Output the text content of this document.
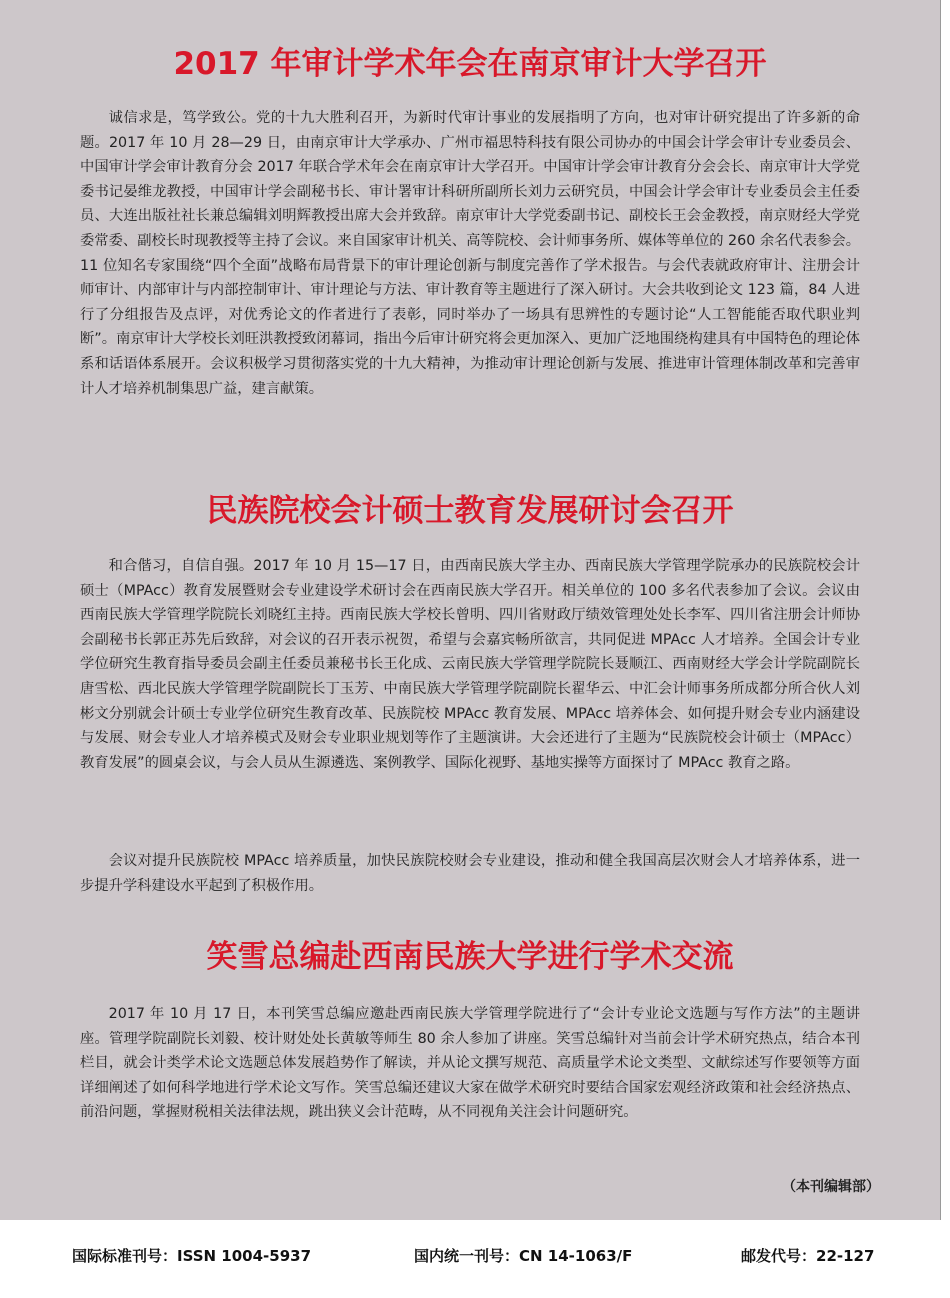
2017 年审计学术年会在南京审计大学召开

诚信求是，笃学致公。党的十九大胜利召开，为新时代审计事业的发展指明了方向，也对审计研究提出了许多新的命题。2017 年 10 月 28—29 日，由南京审计大学承办、广州市福思特科技有限公司协办的中国会计学会审计专业委员会、中国审计学会审计教育分会 2017 年联合学术年会在南京审计大学召开。中国审计学会审计教育分会会长、南京审计大学党委书记晏维龙教授，中国审计学会副秘书长、审计署审计科研所副所长刘力云研究员，中国会计学会审计专业委员会主任委员、大连出版社社长兼总编辑刘明辉教授出席大会并致辞。南京审计大学党委副书记、副校长王会金教授，南京财经大学党委常委、副校长时现教授等主持了会议。来自国家审计机关、高等院校、会计师事务所、媒体等单位的 260 余名代表参会。11 位知名专家围绕“四个全面”战略布局背景下的审计理论创新与制度完善作了学术报告。与会代表就政府审计、注册会计师审计、内部审计与内部控制审计、审计理论与方法、审计教育等主题进行了深入研讨。大会共收到论文 123 篇，84 人进行了分组报告及点评，对优秀论文的作者进行了表彰，同时举办了一场具有思辨性的专题讨论“人工智能能否取代职业判断”。南京审计大学校长刘旺洪教授致闭幕词，指出今后审计研究将会更加深入、更加广泛地围绕构建具有中国特色的理论体系和话语体系展开。会议积极学习贯彻落实党的十九大精神，为推动审计理论创新与发展、推进审计管理体制改革和完善审计人才培养机制集思广益，建言献策。

民族院校会计硕士教育发展研讨会召开

和合偕习，自信自强。2017 年 10 月 15—17 日，由西南民族大学主办、西南民族大学管理学院承办的民族院校会计硕士（MPAcc）教育发展暨财会专业建设学术研讨会在西南民族大学召开。相关单位的 100 多名代表参加了会议。会议由西南民族大学管理学院院长刘晓红主持。西南民族大学校长曾明、四川省财政厅绩效管理处处长李军、四川省注册会计师协会副秘书长郭正苏先后致辞，对会议的召开表示祝贺，希望与会嘉宾畅所欲言，共同促进 MPAcc 人才培养。全国会计专业学位研究生教育指导委员会副主任委员兼秘书长王化成、云南民族大学管理学院院长聂顺江、西南财经大学会计学院副院长唐雪松、西北民族大学管理学院副院长丁玉芳、中南民族大学管理学院副院长翟华云、中汇会计师事务所成都分所合伙人刘彬文分别就会计硕士专业学位研究生教育改革、民族院校 MPAcc 教育发展、MPAcc 培养体会、如何提升财会专业内涵建设与发展、财会专业人才培养模式及财会专业职业规划等作了主题演讲。大会还进行了主题为“民族院校会计硕士（MPAcc）教育发展”的圆桌会议，与会人员从生源遴选、案例教学、国际化视野、基地实操等方面探讨了 MPAcc 教育之路。

会议对提升民族院校 MPAcc 培养质量，加快民族院校财会专业建设，推动和健全我国高层次财会人才培养体系，进一步提升学科建设水平起到了积极作用。

笑雪总编赴西南民族大学进行学术交流

2017 年 10 月 17 日，本刊笑雪总编应邀赴西南民族大学管理学院进行了“会计专业论文选题与写作方法”的主题讲座。管理学院副院长刘毅、校计财处处长黄敏等师生 80 余人参加了讲座。笑雪总编针对当前会计学术研究热点，结合本刊栏目，就会计类学术论文选题总体发展趋势作了解读，并从论文撰写规范、高质量学术论文类型、文献综述写作要领等方面详细阐述了如何科学地进行学术论文写作。笑雪总编还建议大家在做学术研究时要结合国家宏观经济政策和社会经济热点、前沿问题，掌握财税相关法律法规，跳出狭义会计范畴，从不同视角关注会计问题研究。

（本刊编辑部）

国际标准刊号：ISSN 1004-5937	国内统一刊号：CN 14-1063/F	邮发代号：22-127
